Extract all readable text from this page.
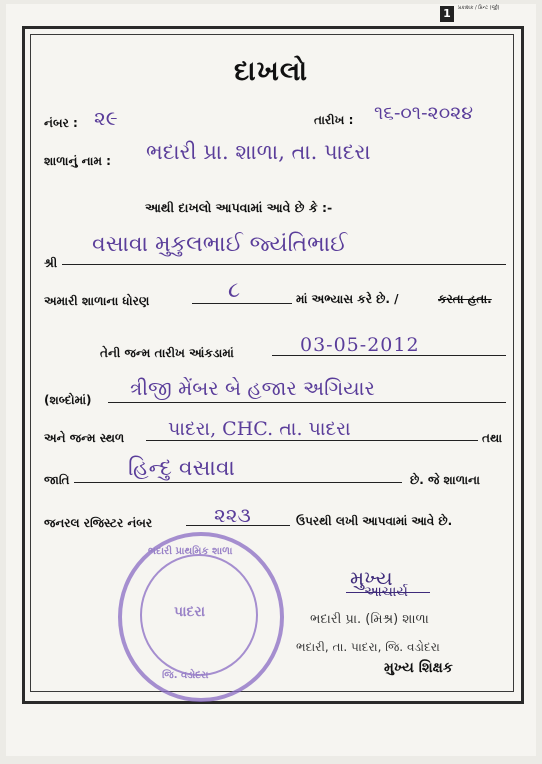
1	પ્રકાશક / પ્રિન્ટ (ર્જી)
દાખલો
નંબર : ૨૯	તારીખ : ૧૬-૦૧-૨૦૨૪
શાળાનું નામ : ભદારી પ્રા. શાળા, તા. પાદરા
આથી દાખલો આપવામાં આવે છે કે :-
શ્રી
વસાવા મુકુલભાઈ જ્યંતિભાઈ
અમારી શાળાના ધોરણ	૮	માં અભ્યાસ કરે છે. /	કરતા હતા.
તેની જન્મ તારીખ આંકડામાં	03-05-2012
(શબ્દોમાં) ત્રીજી મેંબર બે હજાર અગિયાર
અને જન્મ સ્થળ પાદરા, CHC. તા. પાદરા	તથા
જાતિ	હિન્દુ વસાવા	છે. જે શાળાના
જનરલ રજિસ્ટર નંબર	૨૨૩	ઉપરથી લખી આપવામાં આવે છે.
ભદારી પ્રાથમિક શાળા
પાદરા
જિ. વડોદરા
મુખ્ય
આચાર્ય
ભદારી પ્રા. (મિશ્ર) શાળા
ભદારી, તા. પાદરા, જિ. વડોદરા
મુખ્ય શિક્ષક
